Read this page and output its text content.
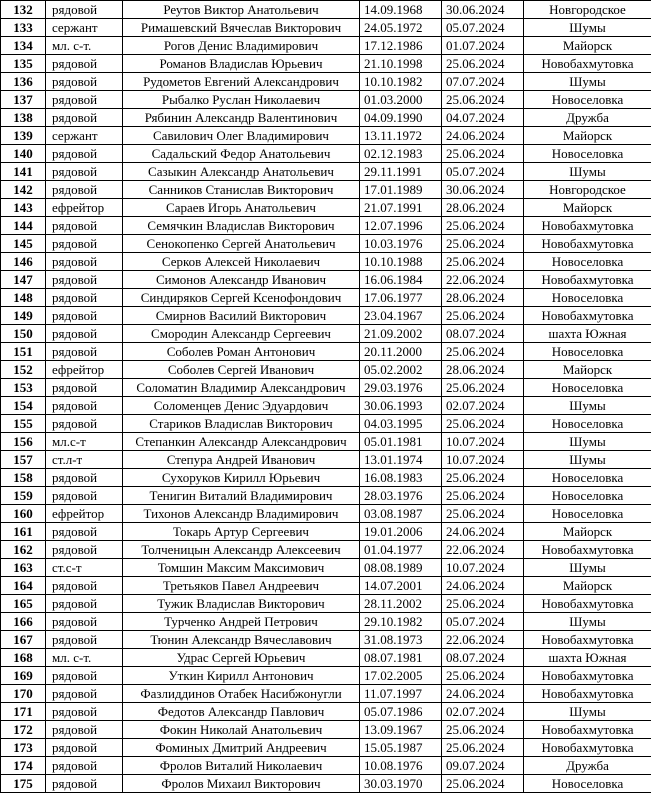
132	рядовой	Реутов Виктор Анатольевич	14.09.1968	30.06.2024	Новгородское
133	сержант	Римашевский Вячеслав Викторович	24.05.1972	05.07.2024	Шумы
134	мл. с-т.	Рогов Денис Владимирович	17.12.1986	01.07.2024	Майорск
135	рядовой	Романов Владислав Юрьевич	21.10.1998	25.06.2024	Новобахмутовка
136	рядовой	Рудометов Евгений Александрович	10.10.1982	07.07.2024	Шумы
137	рядовой	Рыбалко Руслан Николаевич	01.03.2000	25.06.2024	Новоселовка
138	рядовой	Рябинин Александр Валентинович	04.09.1990	04.07.2024	Дружба
139	сержант	Савилович Олег Владимирович	13.11.1972	24.06.2024	Майорск
140	рядовой	Садальский Федор Анатольевич	02.12.1983	25.06.2024	Новоселовка
141	рядовой	Сазыкин Александр Анатольевич	29.11.1991	05.07.2024	Шумы
142	рядовой	Санников Станислав Викторович	17.01.1989	30.06.2024	Новгородское
143	ефрейтор	Сараев Игорь Анатольевич	21.07.1991	28.06.2024	Майорск
144	рядовой	Семячкин Владислав Викторович	12.07.1996	25.06.2024	Новобахмутовка
145	рядовой	Сенокопенко Сергей Анатольевич	10.03.1976	25.06.2024	Новобахмутовка
146	рядовой	Серков Алексей Николаевич	10.10.1988	25.06.2024	Новоселовка
147	рядовой	Симонов Александр Иванович	16.06.1984	22.06.2024	Новобахмутовка
148	рядовой	Синдиряков Сергей Ксенофондович	17.06.1977	28.06.2024	Новоселовка
149	рядовой	Смирнов Василий Викторович	23.04.1967	25.06.2024	Новобахмутовка
150	рядовой	Смородин Александр Сергеевич	21.09.2002	08.07.2024	шахта Южная
151	рядовой	Соболев Роман Антонович	20.11.2000	25.06.2024	Новоселовка
152	ефрейтор	Соболев Сергей Иванович	05.02.2002	28.06.2024	Майорск
153	рядовой	Соломатин Владимир Александрович	29.03.1976	25.06.2024	Новоселовка
154	рядовой	Соломенцев Денис Эдуардович	30.06.1993	02.07.2024	Шумы
155	рядовой	Стариков Владислав Викторович	04.03.1995	25.06.2024	Новоселовка
156	мл.с-т	Степанкин Александр Александрович	05.01.1981	10.07.2024	Шумы
157	ст.л-т	Степура Андрей Иванович	13.01.1974	10.07.2024	Шумы
158	рядовой	Сухоруков Кирилл Юрьевич	16.08.1983	25.06.2024	Новоселовка
159	рядовой	Тенигин Виталий Владимирович	28.03.1976	25.06.2024	Новоселовка
160	ефрейтор	Тихонов Александр Владимирович	03.08.1987	25.06.2024	Новоселовка
161	рядовой	Токарь Артур Сергеевич	19.01.2006	24.06.2024	Майорск
162	рядовой	Толченицын Александр Алексеевич	01.04.1977	22.06.2024	Новобахмутовка
163	ст.с-т	Томшин Максим Максимович	08.08.1989	10.07.2024	Шумы
164	рядовой	Третьяков Павел Андреевич	14.07.2001	24.06.2024	Майорск
165	рядовой	Тужик Владислав Викторович	28.11.2002	25.06.2024	Новобахмутовка
166	рядовой	Турченко Андрей Петрович	29.10.1982	05.07.2024	Шумы
167	рядовой	Тюнин Александр Вячеславович	31.08.1973	22.06.2024	Новобахмутовка
168	мл. с-т.	Удрас Сергей Юрьевич	08.07.1981	08.07.2024	шахта Южная
169	рядовой	Уткин Кирилл Антонович	17.02.2005	25.06.2024	Новобахмутовка
170	рядовой	Фазлиддинов Отабек Насибжонугли	11.07.1997	24.06.2024	Новобахмутовка
171	рядовой	Федотов Александр Павлович	05.07.1986	02.07.2024	Шумы
172	рядовой	Фокин Николай Анатольевич	13.09.1967	25.06.2024	Новобахмутовка
173	рядовой	Фоминых Дмитрий Андреевич	15.05.1987	25.06.2024	Новобахмутовка
174	рядовой	Фролов Виталий Николаевич	10.08.1976	09.07.2024	Дружба
175	рядовой	Фролов Михаил Викторович	30.03.1970	25.06.2024	Новоселовка
